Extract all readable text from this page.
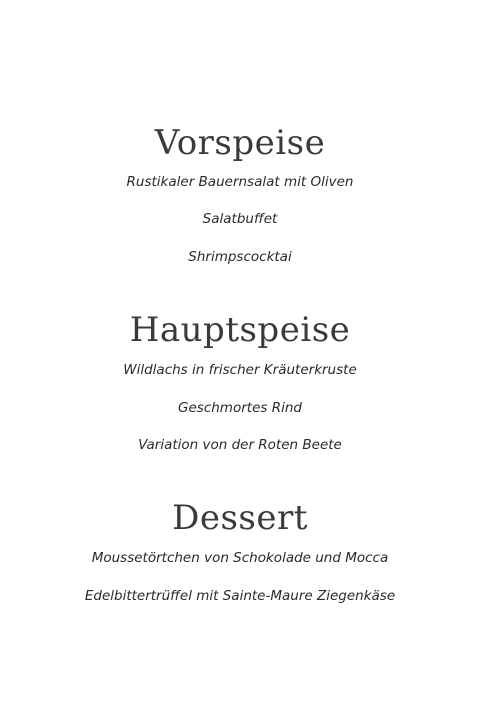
Vorspeise

Rustikaler Bauernsalat mit Oliven

Salatbuffet

Shrimpscocktai

Hauptspeise

Wildlachs in frischer Kräuterkruste

Geschmortes Rind

Variation von der Roten Beete

Dessert

Moussetörtchen von Schokolade und Mocca

Edelbittertrüffel mit Sainte-Maure Ziegenkäse
